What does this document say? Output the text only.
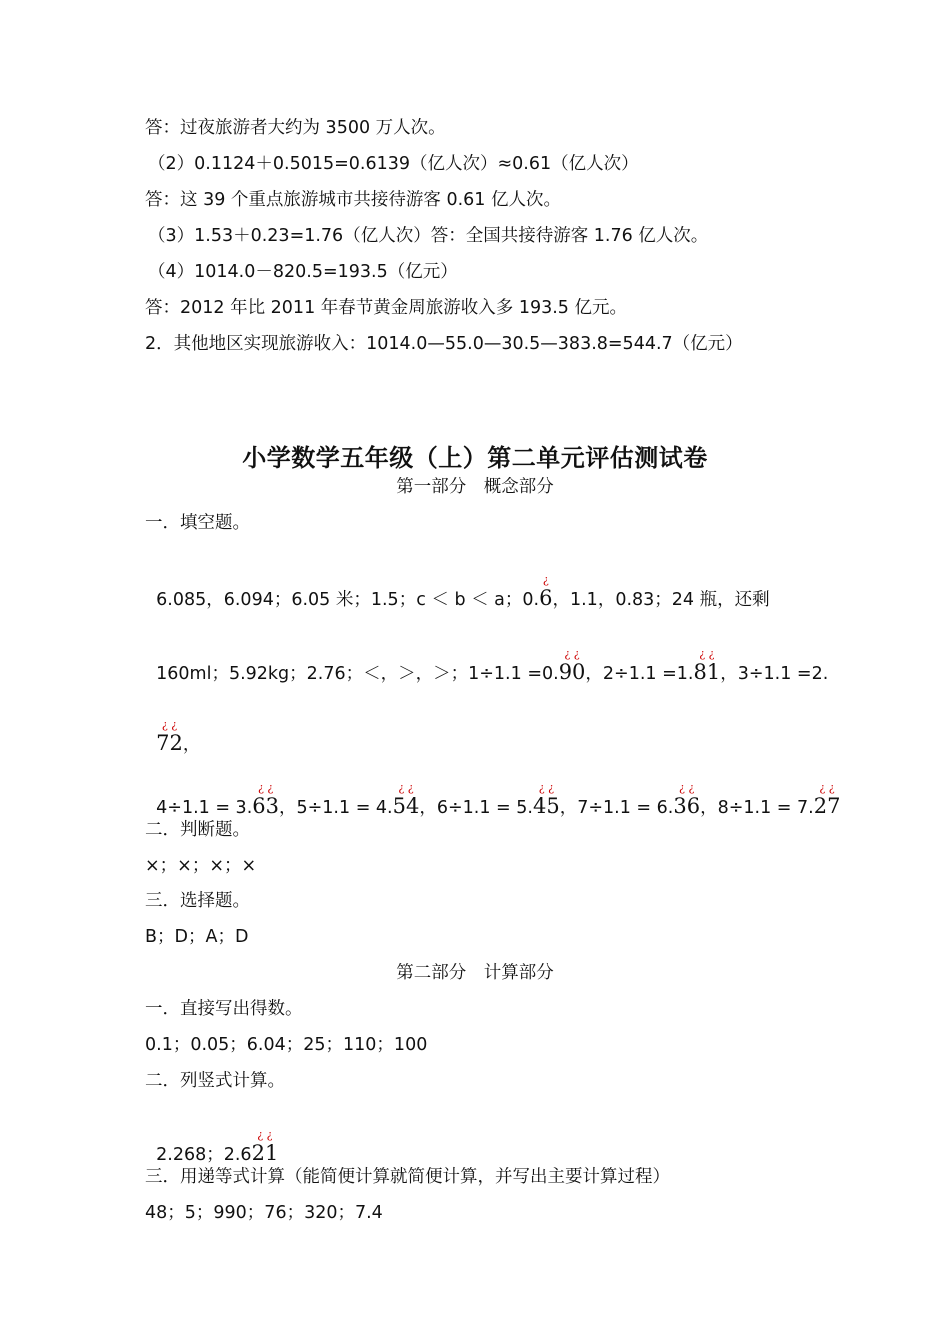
答：过夜旅游者大约为 3500 万人次。
（2）0.1124＋0.5015=0.6139（亿人次）≈0.61（亿人次）
答：这 39 个重点旅游城市共接待游客 0.61 亿人次。
（3）1.53＋0.23=1.76（亿人次）答：全国共接待游客 1.76 亿人次。
（4）1014.0－820.5=193.5（亿元）
答：2012 年比 2011 年春节黄金周旅游收入多 193.5 亿元。
2．其他地区实现旅游收入：1014.0—55.0—30.5—383.8=544.7（亿元）
小学数学五年级（上）第二单元评估测试卷
第一部分　概念部分
一．填空题。

6.085，6.094；6.05 米；1.5；c ＜ b ＜ a；0.
¿
6，1.1，0.83；24 瓶，还剩

160ml；5.92kg；2.76；＜，＞，＞；1÷1.1 =0.
¿ ¿
90，2÷1.1 =1.
¿ ¿
81，3÷1.1 =2.

¿ ¿
72，

4÷1.1 = 3.
¿ ¿
63，5÷1.1 = 4.
¿ ¿
54，6÷1.1 = 5.
¿ ¿
45，7÷1.1 = 6.
¿ ¿
36，8÷1.1 = 7.
¿ ¿
27

二．判断题。
×；×；×；×
三．选择题。
B；D；A；D
第二部分　计算部分
一．直接写出得数。
0.1；0.05；6.04；25；110；100
二．列竖式计算。

2.268；2.6
¿ ¿
21

三．用递等式计算（能简便计算就简便计算，并写出主要计算过程）
48；5；990；76；320；7.4
